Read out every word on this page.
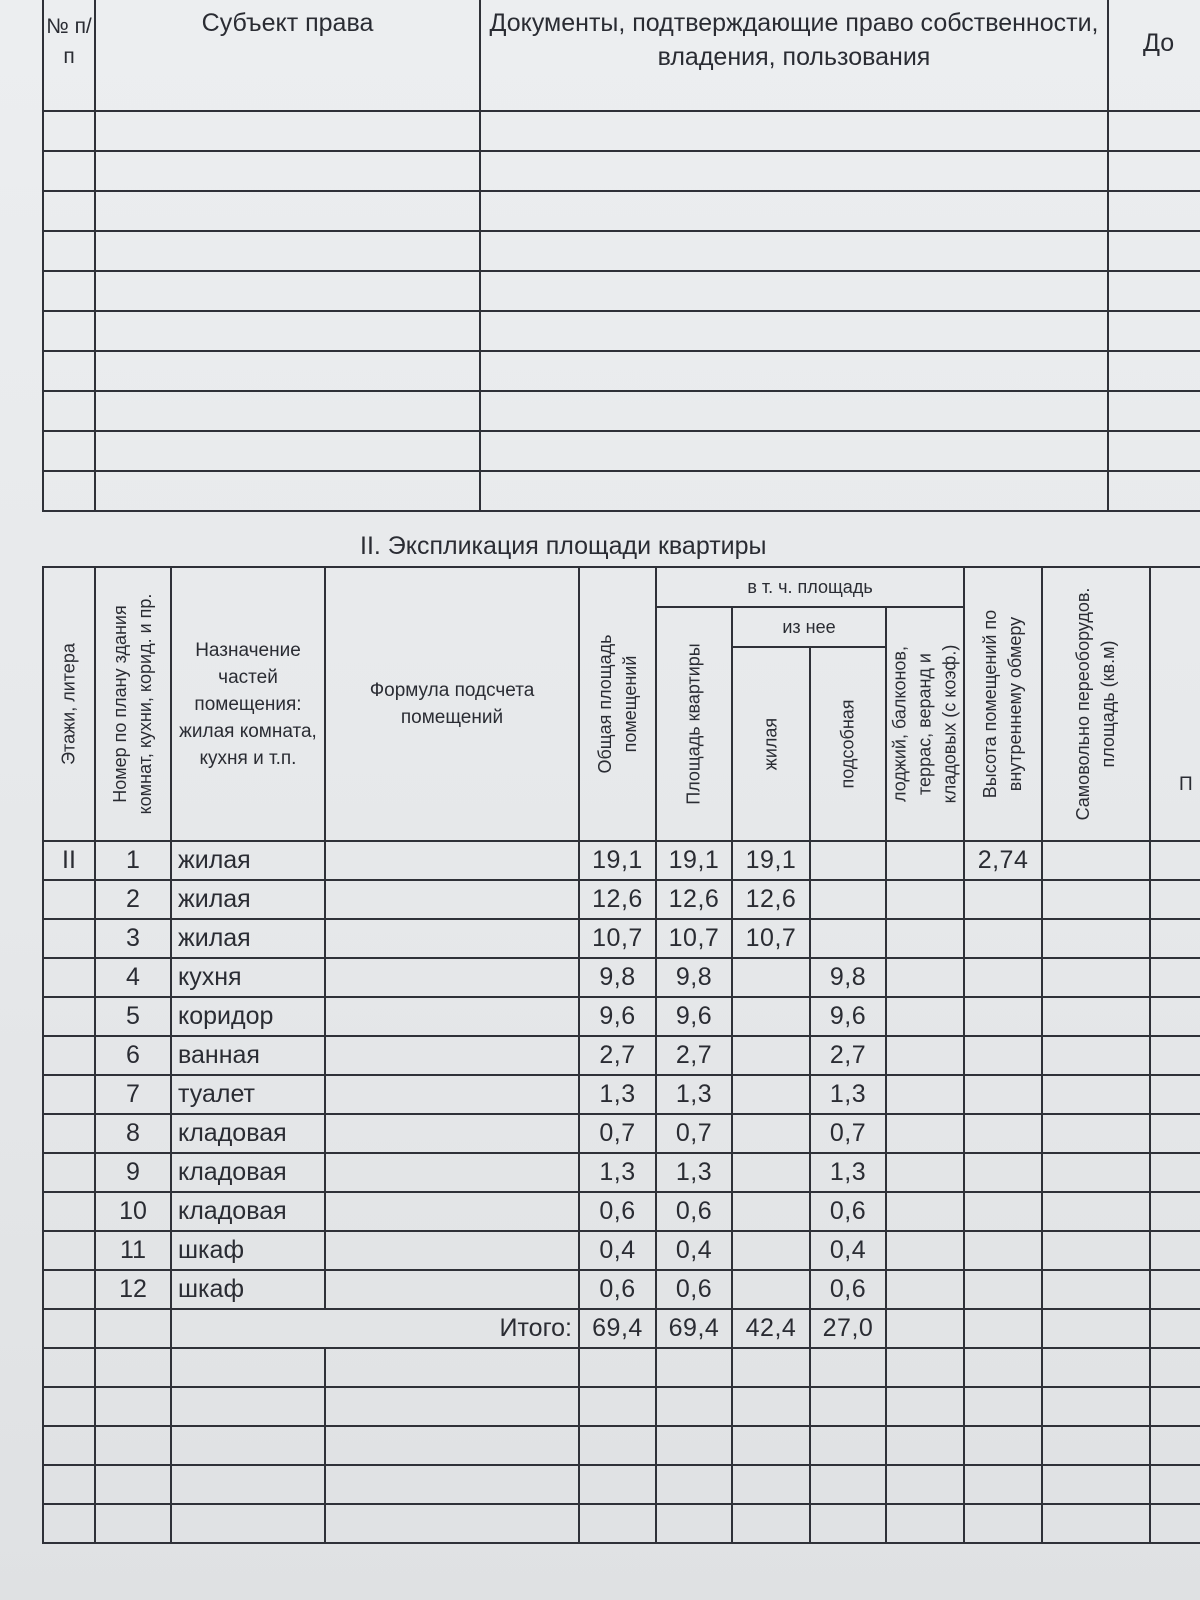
№ п/п	Субъект права	Документы, подтверждающие право собственности, владения, пользования	До

II. Экспликация площади квартиры
Этажи, литера	Номер по плану здания комнат, кухни, корид. и пр.	Назначение частей помещения: жилая комната, кухня и т.п.	Формула подсчета помещений	Общая площадь помещений	в т. ч. площадь				Высота помещений по внутреннему обмеру	Самовольно переоборудов. площадь (кв.м)	П

					Площадь квартиры	из нее		лоджий, балконов, террас, веранд и кладовых (с коэф.)			

						жилая	подсобная				

II	1	жилая		19,1	19,1	19,1			2,74		
	2	жилая		12,6	12,6	12,6					
	3	жилая		10,7	10,7	10,7					
	4	кухня		9,8	9,8		9,8				
	5	коридор		9,6	9,6		9,6				
	6	ванная		2,7	2,7		2,7				
	7	туалет		1,3	1,3		1,3				
	8	кладовая		0,7	0,7		0,7				
	9	кладовая		1,3	1,3		1,3				
	10	кладовая		0,6	0,6		0,6				
	11	шкаф		0,4	0,4		0,4				
	12	шкаф		0,6	0,6		0,6				
		Итого:		69,4	69,4	42,4	27,0				
